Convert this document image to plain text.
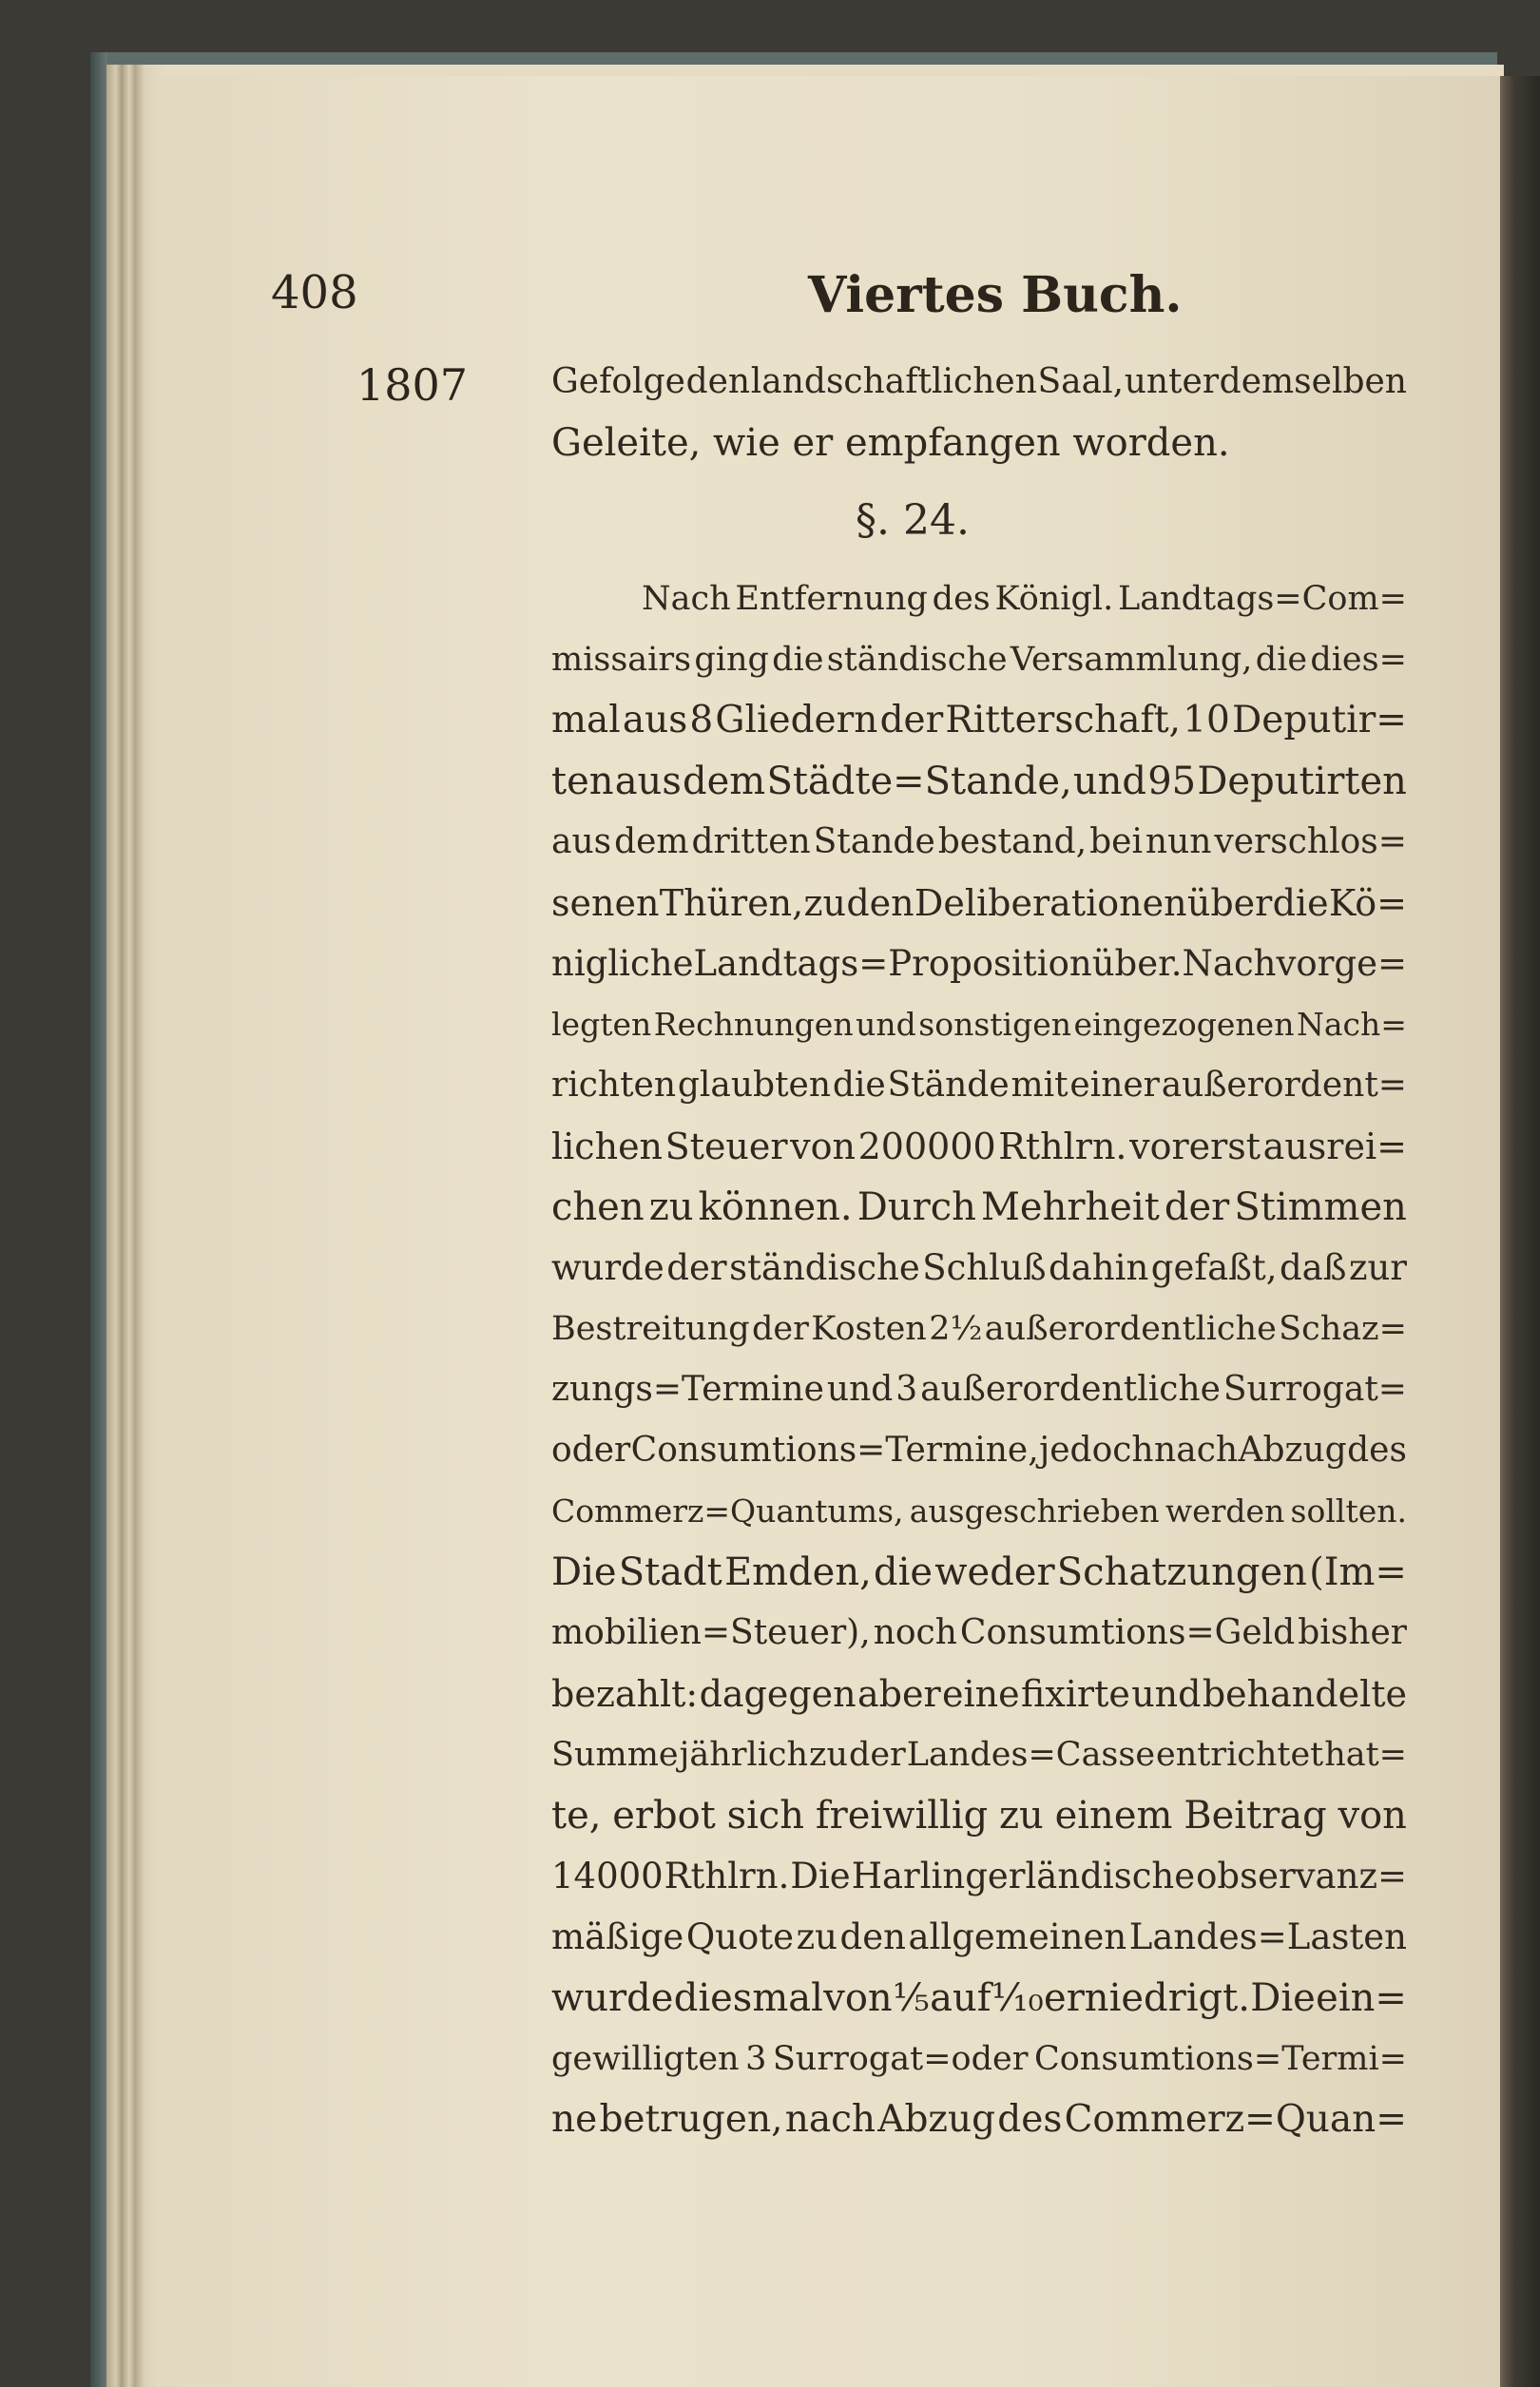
408	Viertes Buch.
1807 Gefolge den landschaftlichen Saal, unter demselben
Geleite, wie er empfangen worden.
§. 24.
Nach Entfernung des Königl. Landtags=Com=
missairs ging die ständische Versammlung, die dies=
mal aus 8 Gliedern der Ritterschaft, 10 Deputir=
ten aus dem Städte=Stande, und 95 Deputirten
aus dem dritten Stande bestand, bei nun verschlos=
senen Thüren, zu den Deliberationen über die Kö=
nigliche Landtags=Proposition über. Nach vorge=
legten Rechnungen und sonstigen eingezogenen Nach=
richten glaubten die Stände mit einer außerordent=
lichen Steuer von 200000 Rthlrn. vorerst ausrei=
chen zu können. Durch Mehrheit der Stimmen
wurde der ständische Schluß dahin gefaßt, daß zur
Bestreitung der Kosten 2½ außerordentliche Schaz=
zungs=Termine und 3 außerordentliche Surrogat=
oder Consumtions=Termine, jedoch nach Abzug des
Commerz=Quantums, ausgeschrieben werden sollten.
Die Stadt Emden, die weder Schatzungen (Im=
mobilien=Steuer), noch Consumtions=Geld bisher
bezahlt: dagegen aber eine fixirte und behandelte
Summe jährlich zu der Landes=Casse entrichtet hat=
te, erbot sich freiwillig zu einem Beitrag von
14000 Rthlrn. Die Harlingerländische observanz=
mäßige Quote zu den allgemeinen Landes=Lasten
wurde diesmal von ⅕ auf ⅒ erniedrigt. Die ein=
gewilligten 3 Surrogat=oder Consumtions=Termi=
ne betrugen, nach Abzug des Commerz=Quan=
